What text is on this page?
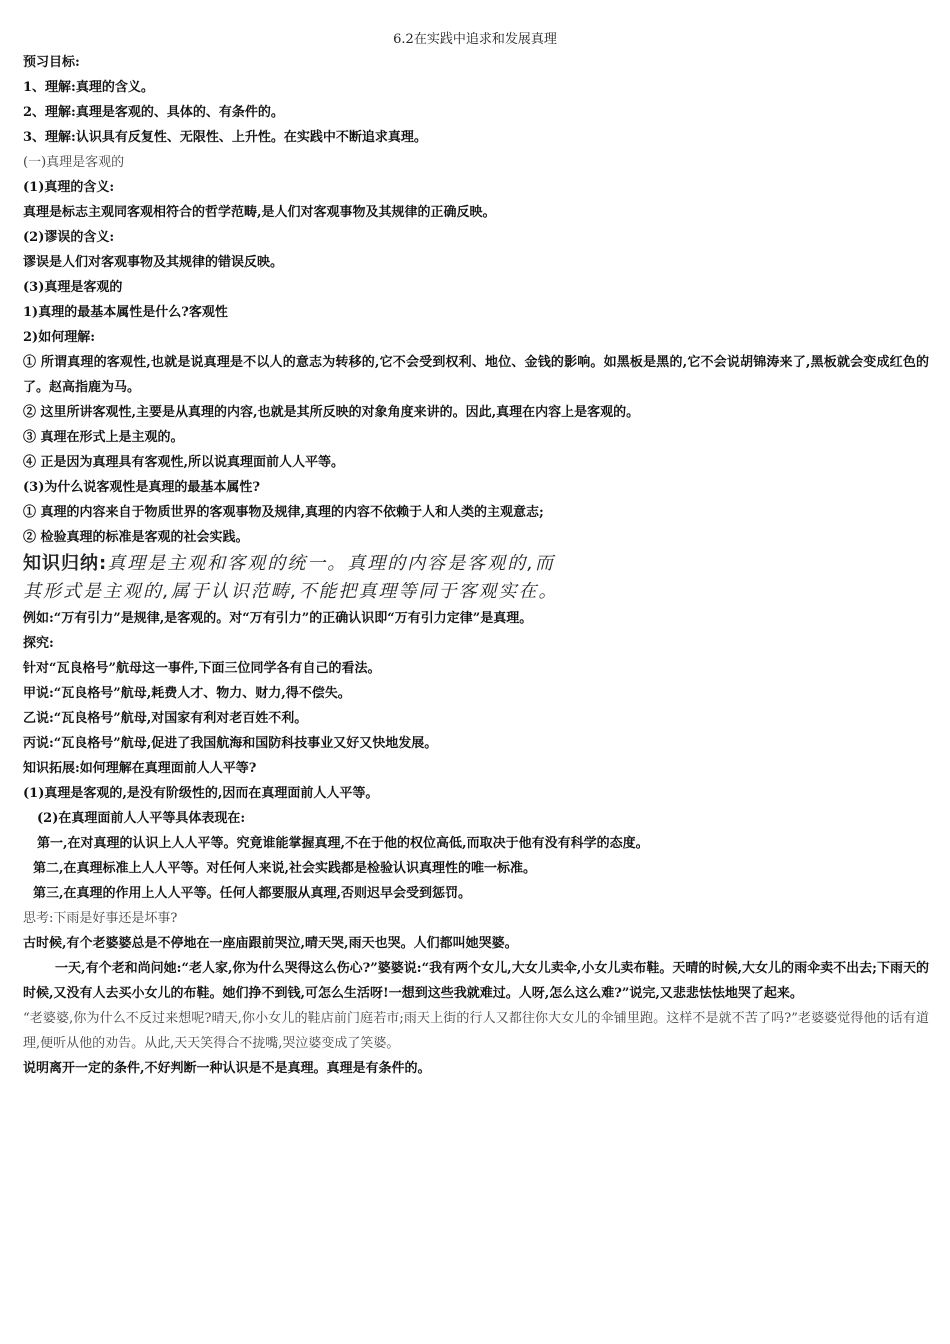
6.2在实践中追求和发展真理
预习目标:
1、理解:真理的含义。
2、理解:真理是客观的、具体的、有条件的。
3、理解:认识具有反复性、无限性、上升性。在实践中不断追求真理。
(一)真理是客观的
(1)真理的含义:
真理是标志主观同客观相符合的哲学范畴,是人们对客观事物及其规律的正确反映。
(2)谬误的含义:
谬误是人们对客观事物及其规律的错误反映。
(3)真理是客观的
1)真理的最基本属性是什么?客观性
2)如何理解:
① 所谓真理的客观性,也就是说真理是不以人的意志为转移的,它不会受到权利、地位、金钱的影响。如黑板是黑的,它不会说胡锦涛来了,黑板就会变成红色的了。赵高指鹿为马。
② 这里所讲客观性,主要是从真理的内容,也就是其所反映的对象角度来讲的。因此,真理在内容上是客观的。
③ 真理在形式上是主观的。
④ 正是因为真理具有客观性,所以说真理面前人人平等。
(3)为什么说客观性是真理的最基本属性?
① 真理的内容来自于物质世界的客观事物及规律,真理的内容不依赖于人和人类的主观意志;
② 检验真理的标准是客观的社会实践。
知识归纳:真理是主观和客观的统一。真理的内容是客观的,而
其形式是主观的,属于认识范畴,不能把真理等同于客观实在。
例如:“万有引力”是规律,是客观的。对“万有引力”的正确认识即“万有引力定律”是真理。
探究:
针对“瓦良格号”航母这一事件,下面三位同学各有自己的看法。
甲说:“瓦良格号”航母,耗费人才、物力、财力,得不偿失。
乙说:“瓦良格号”航母,对国家有利对老百姓不利。
丙说:“瓦良格号”航母,促进了我国航海和国防科技事业又好又快地发展。
知识拓展:如何理解在真理面前人人平等?
(1)真理是客观的,是没有阶级性的,因而在真理面前人人平等。
(2)在真理面前人人平等具体表现在:
第一,在对真理的认识上人人平等。究竟谁能掌握真理,不在于他的权位高低,而取决于他有没有科学的态度。
第二,在真理标准上人人平等。对任何人来说,社会实践都是检验认识真理性的唯一标准。
第三,在真理的作用上人人平等。任何人都要服从真理,否则迟早会受到惩罚。
思考:下雨是好事还是坏事?
古时候,有个老婆婆总是不停地在一座庙跟前哭泣,晴天哭,雨天也哭。人们都叫她哭婆。
一天,有个老和尚问她:“老人家,你为什么哭得这么伤心?”婆婆说:“我有两个女儿,大女儿卖伞,小女儿卖布鞋。天晴的时候,大女儿的雨伞卖不出去;下雨天的时候,又没有人去买小女儿的布鞋。她们挣不到钱,可怎么生活呀!一想到这些我就难过。人呀,怎么这么难?”说完,又悲悲怯怯地哭了起来。
“老婆婆,你为什么不反过来想呢?晴天,你小女儿的鞋店前门庭若市;雨天上街的行人又都往你大女儿的伞铺里跑。这样不是就不苦了吗?”老婆婆觉得他的话有道理,便听从他的劝告。从此,天天笑得合不拢嘴,哭泣婆变成了笑婆。
说明离开一定的条件,不好判断一种认识是不是真理。真理是有条件的。
